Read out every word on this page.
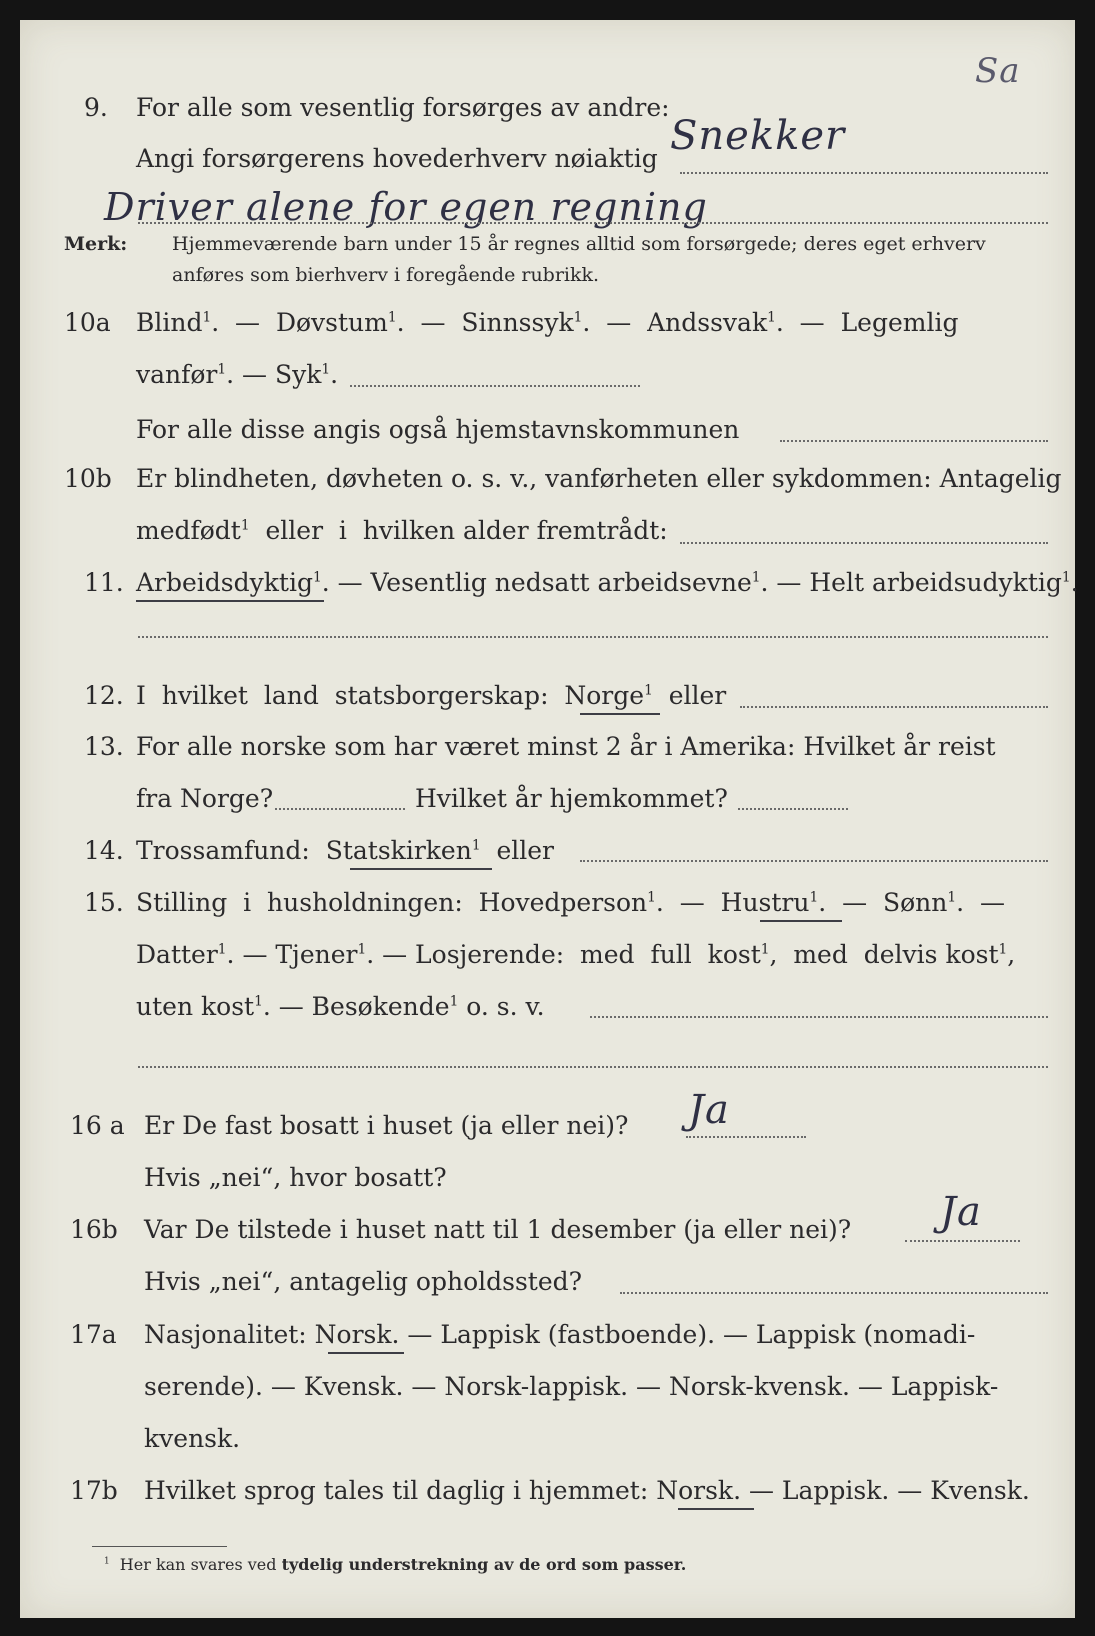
Sa
9. For alle som vesentlig forsørges av andre:
Snekker
Angi forsørgerens hovederhverv nøiaktig
Driver alene for egen regning
Merk: Hjemmeværende barn under 15 år regnes alltid som forsørgede; deres eget erhverv
anføres som bierhverv i foregående rubrikk.
10a Blind$^1$.  —  Døvstum$^1$.  —  Sinnssyk$^1$.  —  Andssvak$^1$.  —  Legemlig
vanfør$^1$. — Syk$^1$.
For alle disse angis også hjemstavnskommunen
10b Er blindheten, døvheten o. s. v., vanførheten eller sykdommen: Antagelig
medfødt$^1$  eller  i  hvilken alder fremtrådt:
11. Arbeidsdyktig$^1$. — Vesentlig nedsatt arbeidsevne$^1$. — Helt arbeidsudyktig$^1$.
12. I  hvilket  land  statsborgerskap:  Norge$^1$  eller
13. For alle norske som har været minst 2 år i Amerika: Hvilket år reist
fra Norge?	Hvilket år hjemkommet?
14. Trossamfund:  Statskirken$^1$  eller
15. Stilling  i  husholdningen:  Hovedperson$^1$.  —  Hustru$^1$.  —  Sønn$^1$.  —
Datter$^1$. — Tjener$^1$. — Losjerende:  med  full  kost$^1$,  med  delvis kost$^1$,
uten kost$^1$. — Besøkende$^1$ o. s. v.
16 a Er De fast bosatt i huset (ja eller nei)? Ja
Hvis „nei“, hvor bosatt?
16b Var De tilstede i huset natt til 1 desember (ja eller nei)? Ja
Hvis „nei“, antagelig opholdssted?
17a Nasjonalitet: Norsk. — Lappisk (fastboende). — Lappisk (nomadi-
serende). — Kvensk. — Norsk-lappisk. — Norsk-kvensk. — Lappisk-
kvensk.
17b Hvilket sprog tales til daglig i hjemmet: Norsk. — Lappisk. — Kvensk.
$^1$ Her kan svares ved tydelig understrekning av de ord som passer.
